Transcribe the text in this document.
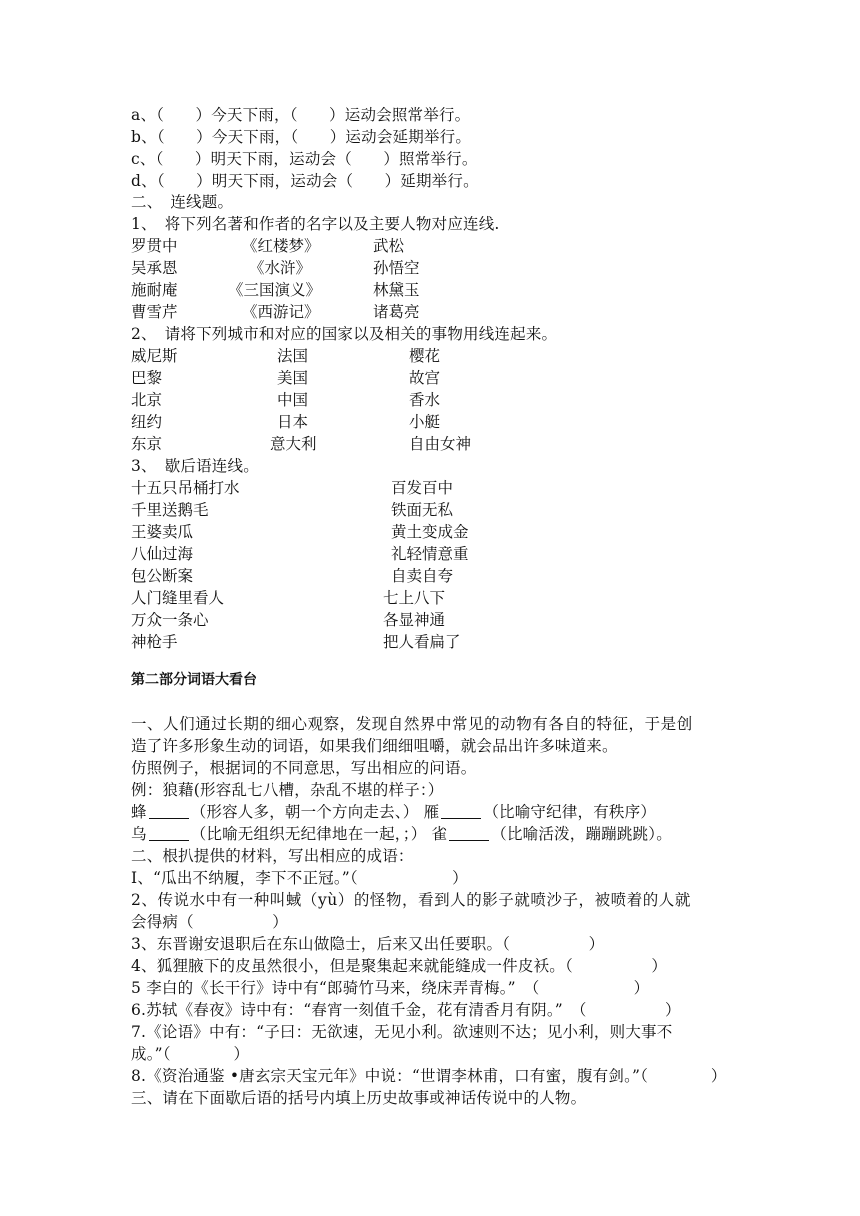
a、（　　）今天下雨，（　　）运动会照常举行。
b、（　　）今天下雨，（　　）运动会延期举行。
c、（　　）明天下雨，运动会（　　）照常举行。
d、（　　）明天下雨，运动会（　　）延期举行。
二、　连线题。
1、　将下列名著和作者的名字以及主要人物对应连线.
罗贯中	《红楼梦》	武松
吴承恩	《水浒》	孙悟空
施耐庵	《三国演义》	林黛玉
曹雪芹	《西游记》	诸葛亮
2、　请将下列城市和对应的国家以及相关的事物用线连起来。
威尼斯	法国	樱花
巴黎	美国	故宫
北京	中国	香水
纽约	日本	小艇
东京	意大利	自由女神
3、　歇后语连线。
十五只吊桶打水	百发百中
千里送鹅毛	铁面无私
王婆卖瓜	黄土变成金
八仙过海	礼轻情意重
包公断案	自卖自夸
人门缝里看人	七上八下
万众一条心	各显神通
神枪手	把人看扁了
第二部分词语大看台
一、人们通过长期的细心观察，发现自然界中常见的动物有各自的特征，于是创
造了许多形象生动的词语，如果我们细细咀嚼，就会品出许多味道来。
仿照例子，根据词的不同意思，写出相应的问语。
例：狼藉(形容乱七八槽，杂乱不堪的样子：）
蜂	（形容人多，朝一个方向走去、） 雁	（比喻守纪律，有秩序）
乌	（比喻无组织无纪律地在一起，；） 雀	（比喻活泼，蹦蹦跳跳）。
二、根扒提供的材料，写出相应的成语：
I、“瓜出不纳履，李下不正冠。”（　　　　　　）
2、传说水中有一种叫蜮（yù）的怪物，看到人的影子就喷沙子，被喷着的人就
会得病（　　　　　）
3、东晋谢安退职后在东山做隐士，后来又出任要职。（　　　　　）
4、狐狸腋下的皮虽然很小，但是聚集起来就能缝成一件皮袄。（　　　　　）
5 李白的《长干行》诗中有“郎骑竹马来，绕床弄青梅。”　（　　　　　　）
6.苏轼《春夜》诗中有：“春宵一刻值千金，花有清香月有阴。”　（　　　　　）
7.《论语》中有：“子曰：无欲速，无见小利。欲速则不达；见小利，则大事不
成。”（　　　　）
8.《资治通鉴 •唐玄宗天宝元年》中说：“世谓李林甫，口有蜜，腹有剑。”（　　　　）
三、请在下面歇后语的括号内填上历史故事或神话传说中的人物。
